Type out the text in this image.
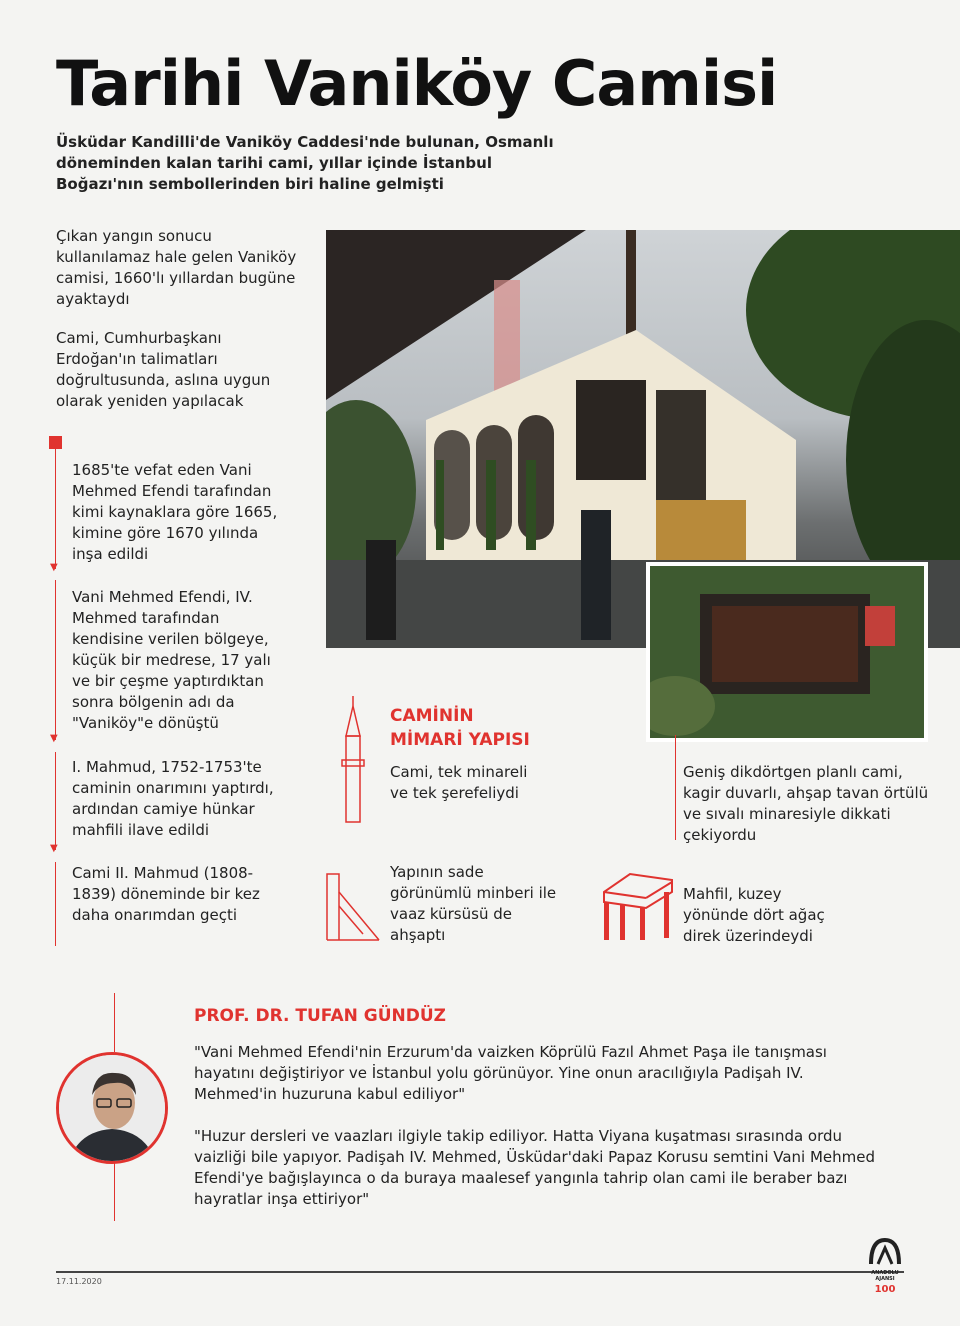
Tarihi Vaniköy Camisi
Üsküdar Kandilli'de Vaniköy Caddesi'nde bulunan, Osmanlı döneminden kalan tarihi cami, yıllar içinde İstanbul Boğazı'nın sembollerinden biri haline gelmişti
Çıkan yangın sonucu kullanılamaz hale gelen Vaniköy camisi, 1660'lı yıllardan bugüne ayaktaydı
Cami, Cumhurbaşkanı Erdoğan'ın talimatları doğrultusunda, aslına uygun olarak yeniden yapılacak
▼
▼
▼
1685'te vefat eden Vani Mehmed Efendi tarafından kimi kaynaklara göre 1665, kimine göre 1670 yılında inşa edildi
Vani Mehmed Efendi, IV. Mehmed tarafından kendisine verilen bölgeye, küçük bir medrese, 17 yalı ve bir çeşme yaptırdıktan sonra bölgenin adı da "Vaniköy"e dönüştü
I. Mahmud, 1752-1753'te caminin onarımını yaptırdı, ardından camiye hünkar mahfili ilave edildi
Cami II. Mahmud (1808-1839) döneminde bir kez daha onarımdan geçti
CAMİNİN
MİMARİ YAPISI
Cami, tek minareli ve tek şerefeliydi
Geniş dikdörtgen planlı cami, kagir duvarlı, ahşap tavan örtülü ve sıvalı minaresiyle dikkati çekiyordu
Yapının sade görünümlü minberi ile vaaz kürsüsü de ahşaptı
Mahfil, kuzey yönünde dört ağaç direk üzerindeydi
PROF. DR. TUFAN GÜNDÜZ
"Vani Mehmed Efendi'nin Erzurum'da vaizken Köprülü Fazıl Ahmet Paşa ile tanışması hayatını değiştiriyor ve İstanbul yolu görünüyor. Yine onun aracılığıyla Padişah IV. Mehmed'in huzuruna kabul ediliyor"
"Huzur dersleri ve vaazları ilgiyle takip ediliyor. Hatta Viyana kuşatması sırasında ordu vaizliği bile yapıyor. Padişah IV. Mehmed, Üsküdar'daki Papaz Korusu semtini Vani Mehmed Efendi'ye bağışlayınca o da buraya maalesef yangınla tahrip olan cami ile beraber bazı hayratlar inşa ettiriyor"
17.11.2020
ANADOLU AJANSI
100
